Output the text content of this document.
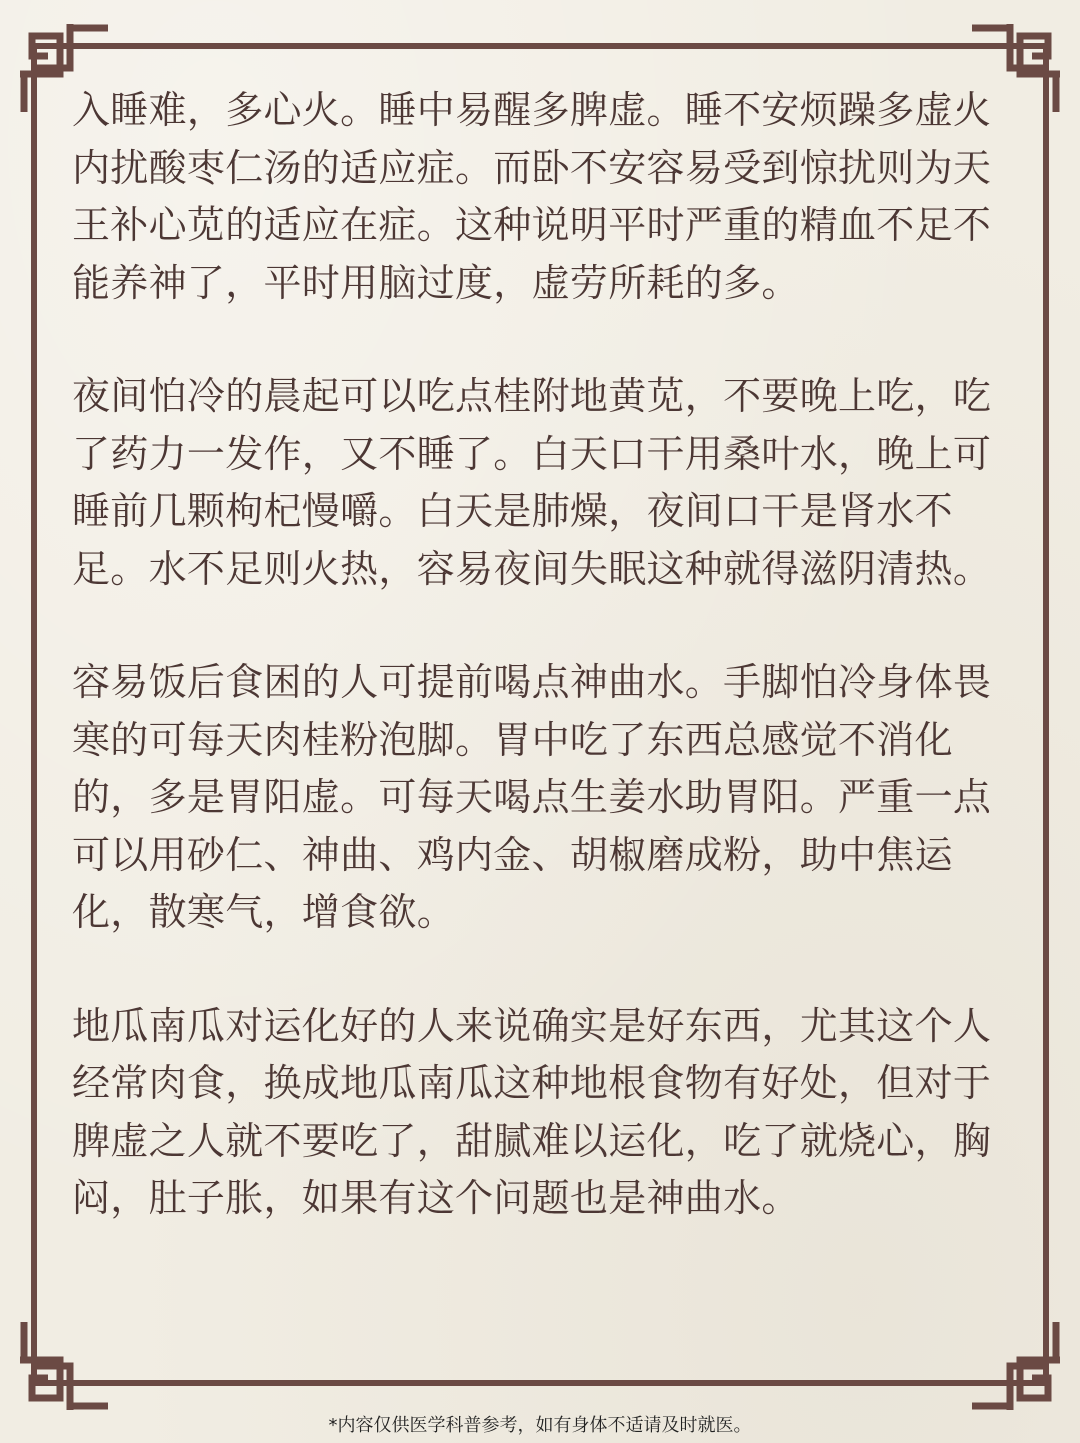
入睡难，多心火。睡中易醒多脾虚。睡不安烦躁多虚火内扰酸枣仁汤的适应症。而卧不安容易受到惊扰则为天王补心苋的适应在症。这种说明平时严重的精血不足不能养神了，平时用脑过度，虚劳所耗的多。

夜间怕冷的晨起可以吃点桂附地黄苋，不要晚上吃，吃了药力一发作，又不睡了。白天口干用桑叶水，晚上可睡前几颗枸杞慢嚼。白天是肺燥，夜间口干是肾水不足。水不足则火热，容易夜间失眠这种就得滋阴清热。

容易饭后食困的人可提前喝点神曲水。手脚怕冷身体畏寒的可每天肉桂粉泡脚。胃中吃了东西总感觉不消化的，多是胃阳虚。可每天喝点生姜水助胃阳。严重一点可以用砂仁、神曲、鸡内金、胡椒磨成粉，助中焦运化，散寒气，增食欲。

地瓜南瓜对运化好的人来说确实是好东西，尤其这个人经常肉食，换成地瓜南瓜这种地根食物有好处，但对于脾虚之人就不要吃了，甜腻难以运化，吃了就烧心，胸闷，肚子胀，如果有这个问题也是神曲水。

*内容仅供医学科普参考，如有身体不适请及时就医。
